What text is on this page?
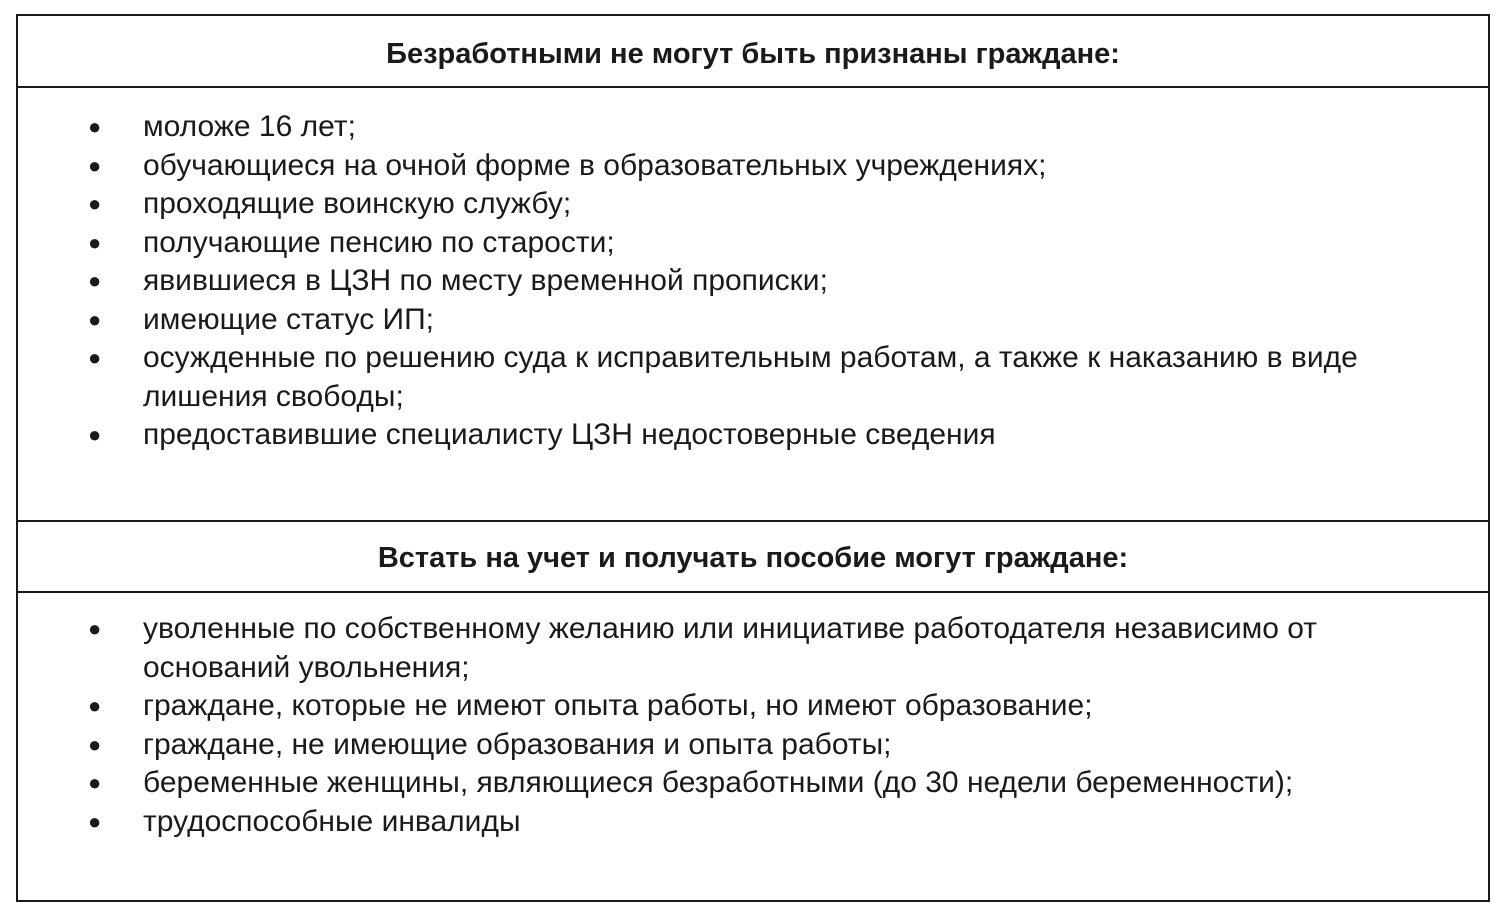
Безработными не могут быть признаны граждане:
● моложе 16 лет;
● обучающиеся на очной форме в образовательных учреждениях;
● проходящие воинскую службу;
● получающие пенсию по старости;
● явившиеся в ЦЗН по месту временной прописки;
● имеющие статус ИП;
● осужденные по решению суда к исправительным работам, а также к наказанию в виде лишения свободы;
● предоставившие специалисту ЦЗН недостоверные сведения
Встать на учет и получать пособие могут граждане:
● уволенные по собственному желанию или инициативе работодателя независимо от оснований увольнения;
● граждане, которые не имеют опыта работы, но имеют образование;
● граждане, не имеющие образования и опыта работы;
● беременные женщины, являющиеся безработными (до 30 недели беременности);
● трудоспособные инвалиды
